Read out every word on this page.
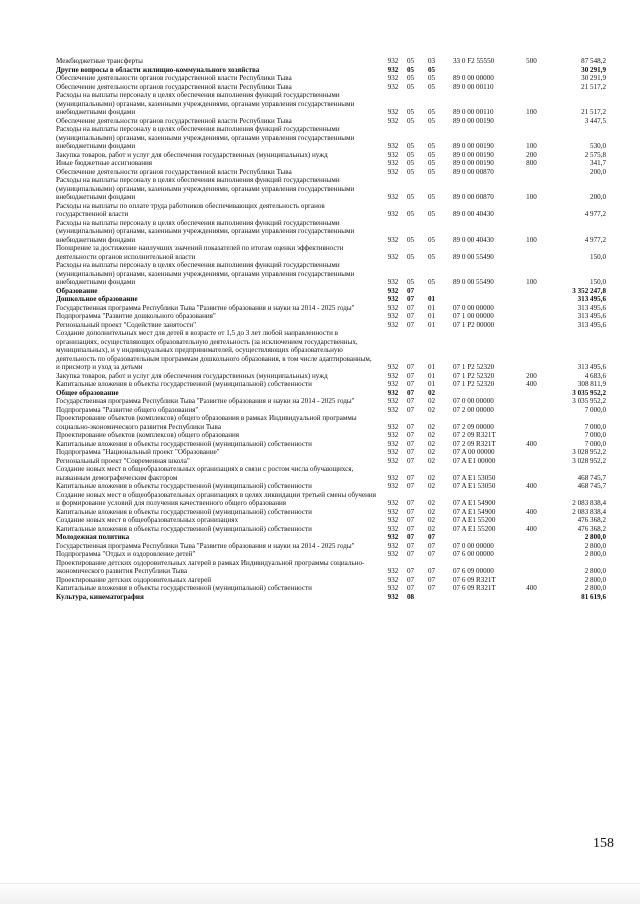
Межбюджетные трансферты	932	05	03	33 0 F2 55550	500	87 548,2
Другие вопросы в области жилищно-коммунального хозяйства	932	05	05			30 291,9
Обеспечение деятельности органов государственной власти Республики Тыва	932	05	05	89 0 00 00000		30 291,9
Обеспечение деятельности органов государственной власти Республики Тыва	932	05	05	89 0 00 00110		21 517,2
Расходы на выплаты персоналу в целях обеспечения выполнения функций государственными (муниципальными) органами, казенными учреждениями, органами управления государственными внебюджетными фондами	932	05	05	89 0 00 00110	100	21 517,2
Обеспечение деятельности органов государственной власти Республики Тыва	932	05	05	89 0 00 00190		3 447,5
Расходы на выплаты персоналу в целях обеспечения выполнения функций государственными (муниципальными) органами, казенными учреждениями, органами управления государственными внебюджетными фондами	932	05	05	89 0 00 00190	100	530,0
Закупка товаров, работ и услуг для обеспечения государственных (муниципальных) нужд	932	05	05	89 0 00 00190	200	2 575,8
Иные бюджетные ассигнования	932	05	05	89 0 00 00190	800	341,7
Обеспечение деятельности органов государственной власти Республики Тыва	932	05	05	89 0 00 00870		200,0
Расходы на выплаты персоналу в целях обеспечения выполнения функций государственными (муниципальными) органами, казенными учреждениями, органами управления государственными внебюджетными фондами	932	05	05	89 0 00 00870	100	200,0
Расходы на выплаты по оплате труда работников обеспечивающих деятельность органов государственной власти	932	05	05	89 0 00 40430		4 977,2
Расходы на выплаты персоналу в целях обеспечения выполнения функций государственными (муниципальными) органами, казенными учреждениями, органами управления государственными внебюджетными фондами	932	05	05	89 0 00 40430	100	4 977,2
Поощрение за достижение наилучших значений показателей по итогам оценки эффективности деятельности органов исполнительной власти	932	05	05	89 0 00 55490		150,0
Расходы на выплаты персоналу в целях обеспечения выполнения функций государственными (муниципальными) органами, казенными учреждениями, органами управления государственными внебюджетными фондами	932	05	05	89 0 00 55490	100	150,0
Образование	932	07				3 352 247,8
Дошкольное образование	932	07	01			313 495,6
Государственная программа Республики Тыва "Развитие образования и науки на 2014 - 2025 годы"	932	07	01	07 0 00 00000		313 495,6
Подпрограмма "Развитие дошкольного образования"	932	07	01	07 1 00 00000		313 495,6
Региональный проект "Содействие занятости"	932	07	01	07 1 P2 00000		313 495,6
Создание дополнительных мест для детей в возрасте от 1,5 до 3 лет любой направленности в организациях, осуществляющих образовательную деятельность (за исключением государственных, муниципальных), и у индивидуальных предпринимателей, осуществляющих образовательную деятельность по образовательным программам дошкольного образования, в том числе адаптированным, и присмотр и уход за детьми	932	07	01	07 1 P2 52320		313 495,6
Закупка товаров, работ и услуг для обеспечения государственных (муниципальных) нужд	932	07	01	07 1 P2 52320	200	4 683,6
Капитальные вложения в объекты государственной (муниципальной) собственности	932	07	01	07 1 P2 52320	400	308 811,9
Общее образование	932	07	02			3 035 952,2
Государственная программа Республики Тыва "Развитие образования и науки на 2014 - 2025 годы"	932	07	02	07 0 00 00000		3 035 952,2
Подпрограмма "Развитие общего образования"	932	07	02	07 2 00 00000		7 000,0
Проектирование объектов (комплексов) общего образования в рамках Индивидуальной программы социально-экономического развития Республики Тыва	932	07	02	07 2 09 00000		7 000,0
Проектирование объектов (комплексов) общего образования	932	07	02	07 2 09 R321T		7 000,0
Капитальные вложения в объекты государственной (муниципальной) собственности	932	07	02	07 2 09 R321T	400	7 000,0
Подпрограмма "Национальный проект "Образование"	932	07	02	07 A 00 00000		3 028 952,2
Региональный проект "Современная школа"	932	07	02	07 A E1 00000		3 028 952,2
Создание новых мест в общеобразовательных организациях в связи с ростом числа обучающихся, вызванным демографическим фактором	932	07	02	07 A E1 53050		468 745,7
Капитальные вложения в объекты государственной (муниципальной) собственности	932	07	02	07 A E1 53050	400	468 745,7
Создание новых мест в общеобразовательных организациях в целях ликвидации третьей смены обучения и формирование условий для получения качественного общего образования	932	07	02	07 A E1 54900		2 083 838,4
Капитальные вложения в объекты государственной (муниципальной) собственности	932	07	02	07 A E1 54900	400	2 083 838,4
Создание новых мест в общеобразовательных организациях	932	07	02	07 A E1 55200		476 368,2
Капитальные вложения в объекты государственной (муниципальной) собственности	932	07	02	07 A E1 55200	400	476 368,2
Молодежная политика	932	07	07			2 800,0
Государственная программа Республики Тыва "Развитие образования и науки на 2014 - 2025 годы"	932	07	07	07 0 00 00000		2 800,0
Подпрограмма "Отдых и оздоровление детей"	932	07	07	07 6 00 00000		2 800,0
Проектирование детских оздоровительных лагерей в рамках Индивидуальной программы социально-экономического развития Республики Тыва	932	07	07	07 6 09 00000		2 800,0
Проектирование детских оздоровительных лагерей	932	07	07	07 6 09 R321T		2 800,0
Капитальные вложения в объекты государственной (муниципальной) собственности	932	07	07	07 6 09 R321T	400	2 800,0
Культура, кинематография	932	08				81 619,6
158
